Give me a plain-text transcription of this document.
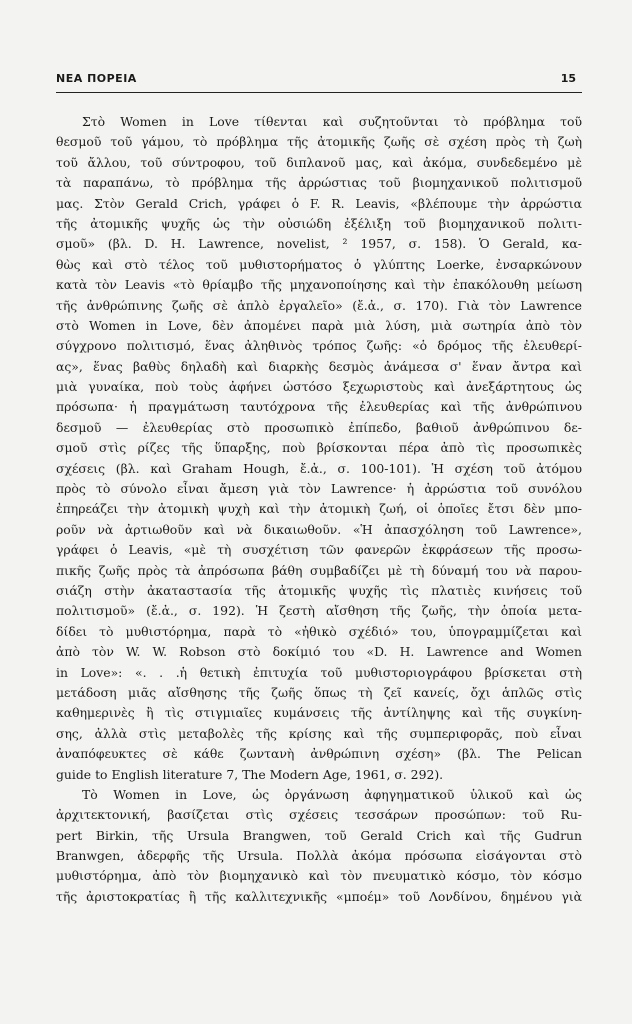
ΝΕΑ ΠΟΡΕΙΑ	15
Στὸ Women in Love τίθενται καὶ συζητοῦνται τὸ πρόβλημα τοῦ
θεσμοῦ τοῦ γάμου, τὸ πρόβλημα τῆς ἀτομικῆς ζωῆς σὲ σχέση πρὸς τὴ ζωὴ
τοῦ ἄλλου, τοῦ σύντροφου, τοῦ διπλανοῦ μας, καὶ ἀκόμα, συνδεδεμένο μὲ
τὰ παραπάνω, τὸ πρόβλημα τῆς ἀρρώστιας τοῦ βιομηχανικοῦ πολιτισμοῦ
μας. Στὸν Gerald Crich, γράφει ὁ F. R. Leavis, «βλέπουμε τὴν ἀρρώστια
τῆς ἀτομικῆς ψυχῆς ὡς τὴν οὐσιώδη ἐξέλιξη τοῦ βιομηχανικοῦ πολιτι-
σμοῦ» (βλ. D. H. Lawrence, novelist, ² 1957, σ. 158). Ὁ Gerald, κα-
θὼς καὶ στὸ τέλος τοῦ μυθιστορήματος ὁ γλύπτης Loerke, ἐνσαρκώνουν
κατὰ τὸν Leavis «τὸ θρίαμβο τῆς μηχανοποίησης καὶ τὴν ἐπακόλουθη μείωση
τῆς ἀνθρώπινης ζωῆς σὲ ἁπλὸ ἐργαλεῖο» (ἔ.ἀ., σ. 170). Γιὰ τὸν Lawrence
στὸ Women in Love, δὲν ἀπομένει παρὰ μιὰ λύση, μιὰ σωτηρία ἀπὸ τὸν
σύγχρονο πολιτισμό, ἕνας ἀληθινὸς τρόπος ζωῆς: «ὁ δρόμος τῆς ἐλευθερί-
ας», ἕνας βαθὺς δηλαδὴ καὶ διαρκὴς δεσμὸς ἀνάμεσα σ' ἕναν ἄντρα καὶ
μιὰ γυναίκα, ποὺ τοὺς ἀφήνει ὡστόσο ξεχωριστοὺς καὶ ἀνεξάρτητους ὡς
πρόσωπα· ἡ πραγμάτωση ταυτόχρονα τῆς ἐλευθερίας καὶ τῆς ἀνθρώπινου
δεσμοῦ — ἐλευθερίας στὸ προσωπικὸ ἐπίπεδο, βαθιοῦ ἀνθρώπινου δε-
σμοῦ στὶς ρίζες τῆς ὕπαρξης, ποὺ βρίσκονται πέρα ἀπὸ τὶς προσωπικὲς
σχέσεις (βλ. καὶ Graham Hough, ἔ.ἀ., σ. 100-101). Ἡ σχέση τοῦ ἀτόμου
πρὸς τὸ σύνολο εἶναι ἄμεση γιὰ τὸν Lawrence· ἡ ἀρρώστια τοῦ συνόλου
ἐπηρεάζει τὴν ἀτομικὴ ψυχὴ καὶ τὴν ἀτομικὴ ζωή, οἱ ὁποῖες ἔτσι δὲν μπο-
ροῦν νὰ ἀρτιωθοῦν καὶ νὰ δικαιωθοῦν. «Ἡ ἀπασχόληση τοῦ Lawrence»,
γράφει ὁ Leavis, «μὲ τὴ συσχέτιση τῶν φανερῶν ἐκφράσεων τῆς προσω-
πικῆς ζωῆς πρὸς τὰ ἀπρόσωπα βάθη συμβαδίζει μὲ τὴ δύναμή του νὰ παρου-
σιάζη στὴν ἀκαταστασία τῆς ἀτομικῆς ψυχῆς τὶς πλατιὲς κινήσεις τοῦ
πολιτισμοῦ» (ἔ.ἀ., σ. 192). Ἡ ζεστὴ αἴσθηση τῆς ζωῆς, τὴν ὁποία μετα-
δίδει τὸ μυθιστόρημα, παρὰ τὸ «ἠθικὸ σχέδιό» του, ὑπογραμμίζεται καὶ
ἀπὸ τὸν W. W. Robson στὸ δοκίμιό του «D. H. Lawrence and Women
in Love»: «. . .ἡ θετικὴ ἐπιτυχία τοῦ μυθιστοριογράφου βρίσκεται στὴ
μετάδοση μιᾶς αἴσθησης τῆς ζωῆς ὅπως τὴ ζεῖ κανείς, ὄχι ἁπλῶς στὶς
καθημερινὲς ἢ τὶς στιγμιαῖες κυμάνσεις τῆς ἀντίληψης καὶ τῆς συγκίνη-
σης, ἀλλὰ στὶς μεταβολὲς τῆς κρίσης καὶ τῆς συμπεριφορᾶς, ποὺ εἶναι
ἀναπόφευκτες σὲ κάθε ζωντανὴ ἀνθρώπινη σχέση» (βλ. The Pelican
guide to English literature 7, The Modern Age, 1961, σ. 292).
Τὸ Women in Love, ὡς ὀργάνωση ἀφηγηματικοῦ ὑλικοῦ καὶ ὡς
ἀρχιτεκτονική, βασίζεται στὶς σχέσεις τεσσάρων προσώπων: τοῦ Ru-
pert Birkin, τῆς Ursula Brangwen, τοῦ Gerald Crich καὶ τῆς Gudrun
Branwgen, ἀδερφῆς τῆς Ursula. Πολλὰ ἀκόμα πρόσωπα εἰσάγονται στὸ
μυθιστόρημα, ἀπὸ τὸν βιομηχανικὸ καὶ τὸν πνευματικὸ κόσμο, τὸν κόσμο
τῆς ἀριστοκρατίας ἢ τῆς καλλιτεχνικῆς «μποέμ» τοῦ Λονδίνου, δημένου γιὰ
